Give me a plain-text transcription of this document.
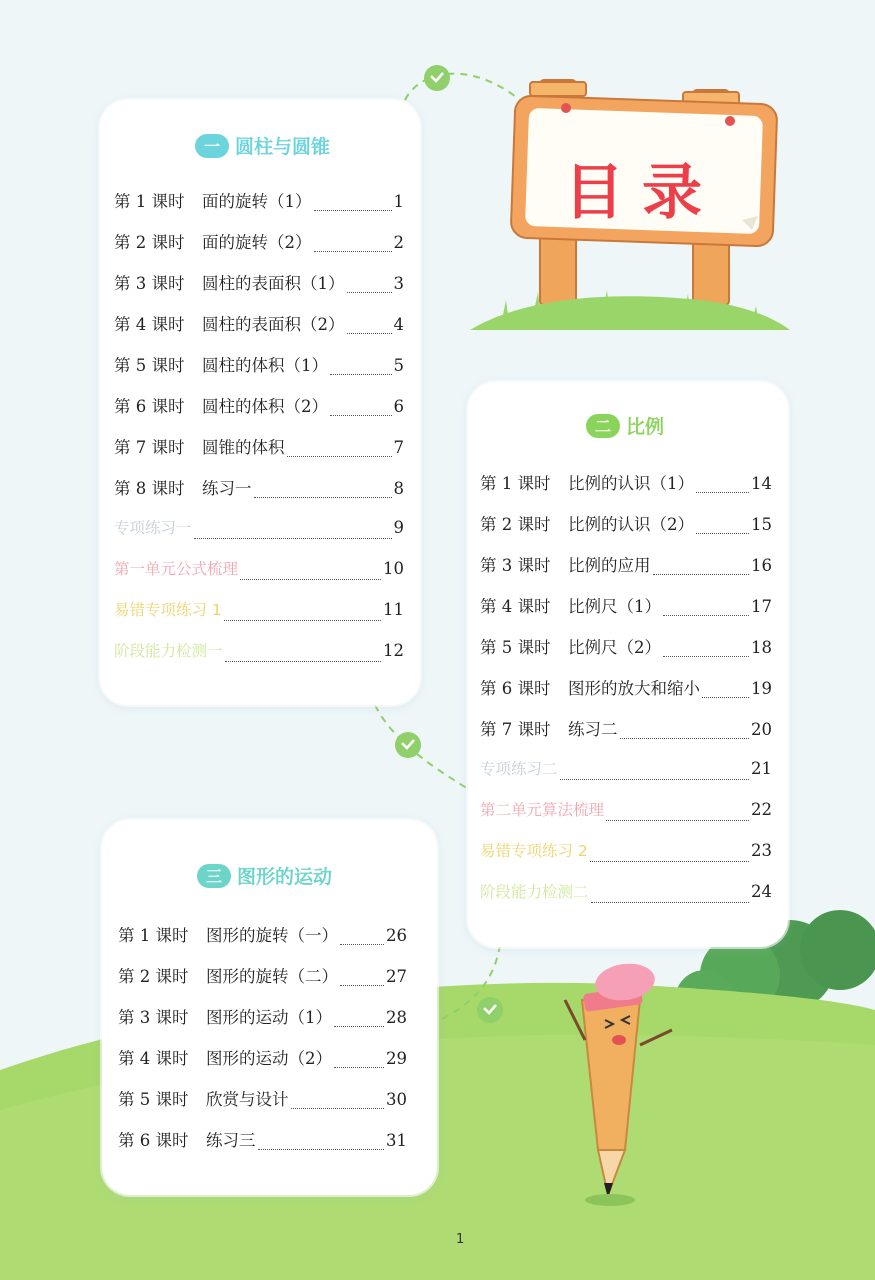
一 圆柱与圆锥
第 1 课时 面的旋转（1）	1
第 2 课时 面的旋转（2）	2
第 3 课时 圆柱的表面积（1）	3
第 4 课时 圆柱的表面积（2）	4
第 5 课时 圆柱的体积（1）	5
第 6 课时 圆柱的体积（2）	6
第 7 课时 圆锥的体积	7
第 8 课时 练习一	8
专项练习一	9
第一单元公式梳理	10
易错专项练习 1	11
阶段能力检测一	12
二 比例
第 1 课时 比例的认识（1）	14
第 2 课时 比例的认识（2）	15
第 3 课时 比例的应用	16
第 4 课时 比例尺（1）	17
第 5 课时 比例尺（2）	18
第 6 课时 图形的放大和缩小	19
第 7 课时 练习二	20
专项练习二	21
第二单元算法梳理	22
易错专项练习 2	23
阶段能力检测二	24
三 图形的运动
第 1 课时 图形的旋转（一）	26
第 2 课时 图形的旋转（二）	27
第 3 课时 图形的运动（1）	28
第 4 课时 图形的运动（2）	29
第 5 课时 欣赏与设计	30
第 6 课时 练习三	31
目录
1
